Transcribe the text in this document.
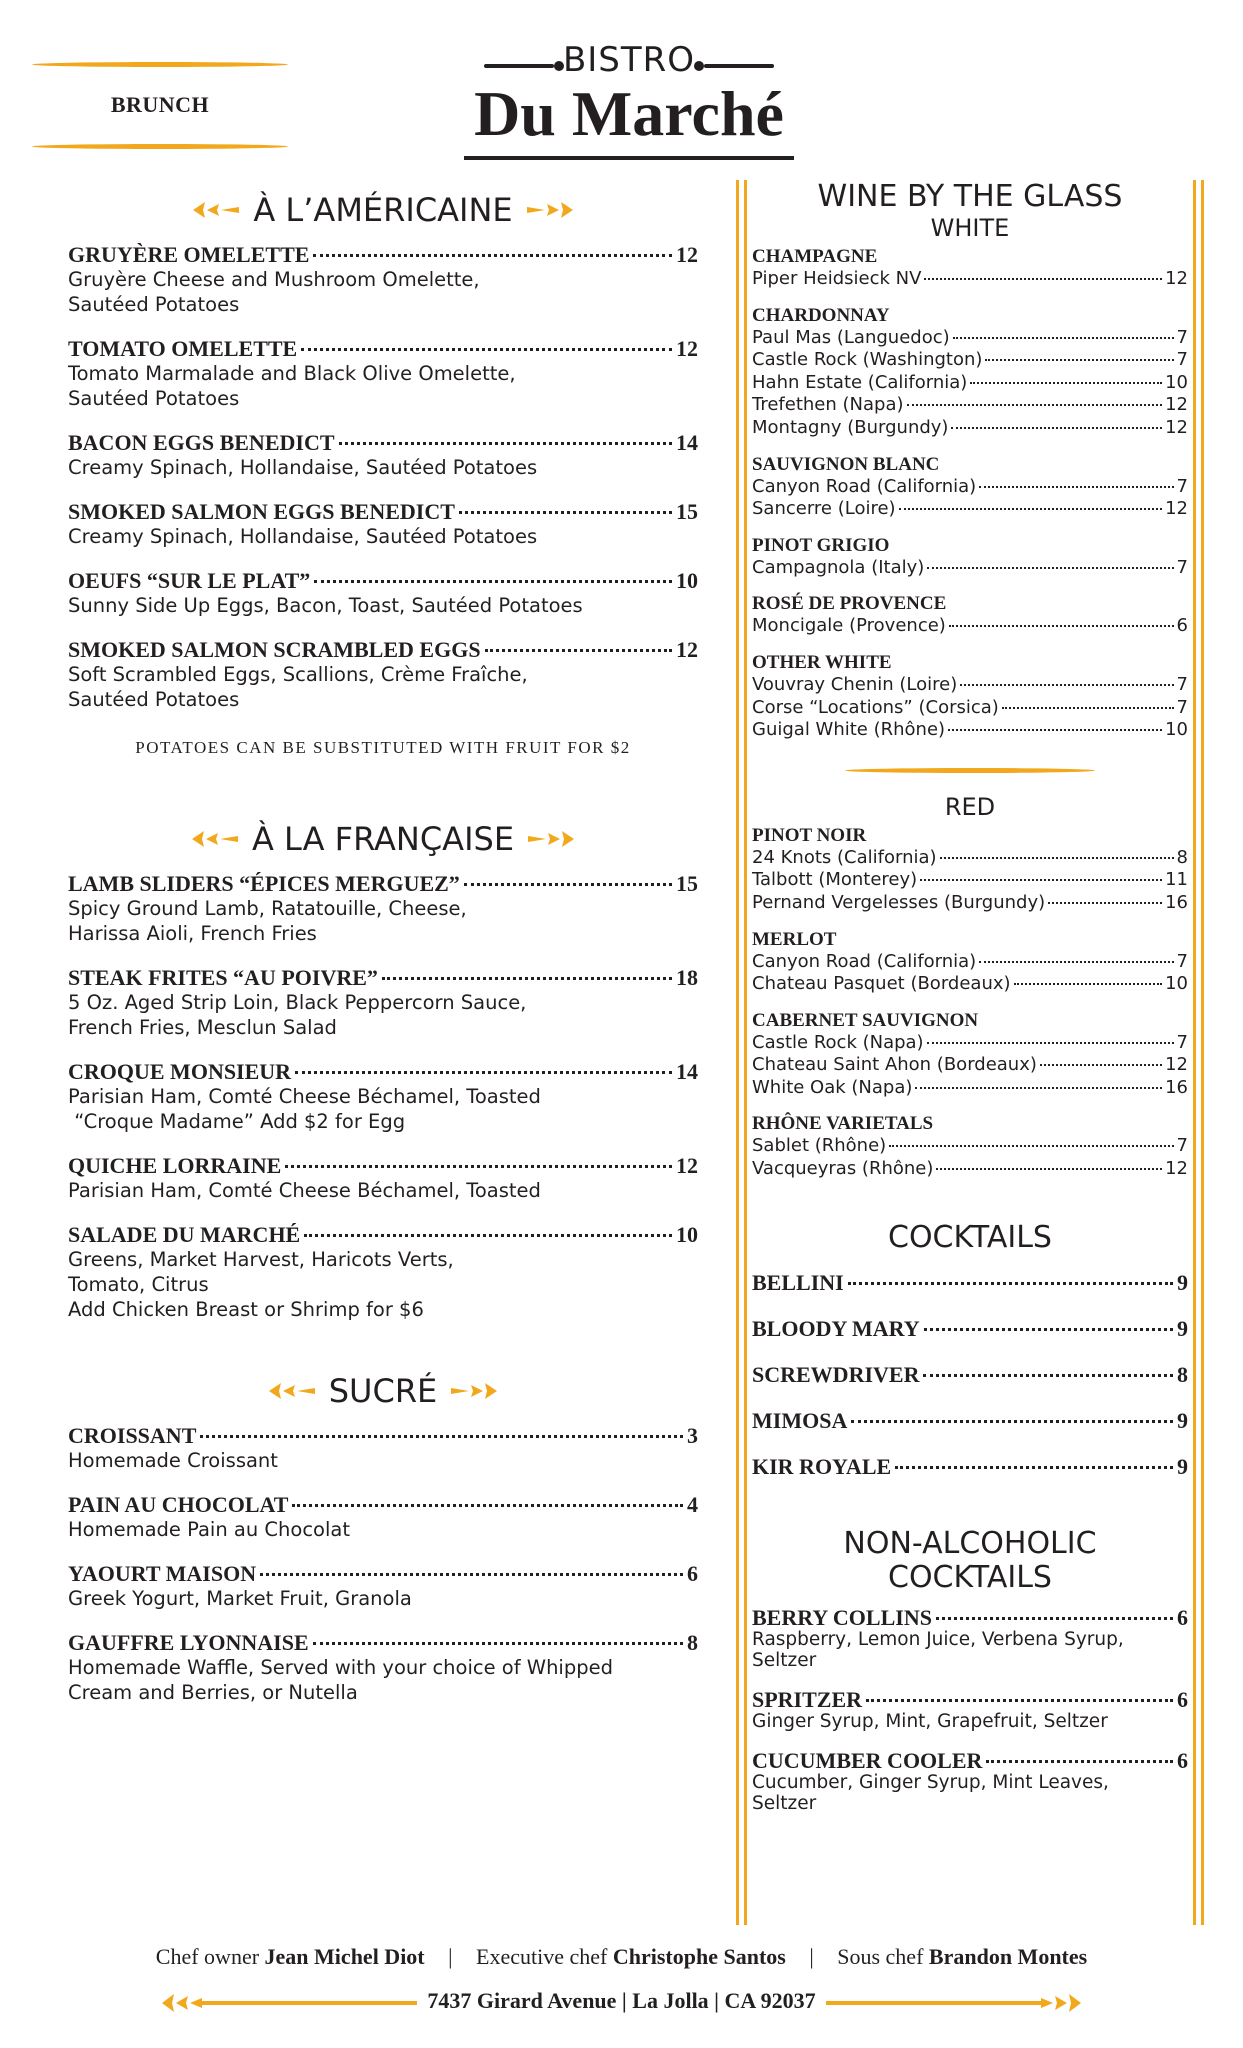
BRUNCH
BISTRO
Du Marché
À L’AMÉRICAINE
GRUYÈRE OMELETTE	12
Gruyère Cheese and Mushroom Omelette,
Sautéed Potatoes
TOMATO OMELETTE	12
Tomato Marmalade and Black Olive Omelette,
Sautéed Potatoes
BACON EGGS BENEDICT	14
Creamy Spinach, Hollandaise, Sautéed Potatoes
SMOKED SALMON EGGS BENEDICT	15
Creamy Spinach, Hollandaise, Sautéed Potatoes
OEUFS “SUR LE PLAT”	10
Sunny Side Up Eggs, Bacon, Toast, Sautéed Potatoes
SMOKED SALMON SCRAMBLED EGGS	12
Soft Scrambled Eggs, Scallions, Crème Fraîche,
Sautéed Potatoes
POTATOES CAN BE SUBSTITUTED WITH FRUIT FOR $2
À LA FRANÇAISE
LAMB SLIDERS “ÉPICES MERGUEZ”	15
Spicy Ground Lamb, Ratatouille, Cheese,
Harissa Aioli, French Fries
STEAK FRITES “AU POIVRE”	18
5 Oz. Aged Strip Loin, Black Peppercorn Sauce,
French Fries, Mesclun Salad
CROQUE MONSIEUR	14
Parisian Ham, Comté Cheese Béchamel, Toasted
“Croque Madame” Add $2 for Egg
QUICHE LORRAINE	12
Parisian Ham, Comté Cheese Béchamel, Toasted
SALADE DU MARCHÉ	10
Greens, Market Harvest, Haricots Verts,
Tomato, Citrus
Add Chicken Breast or Shrimp for $6
SUCRÉ
CROISSANT	3
Homemade Croissant
PAIN AU CHOCOLAT	4
Homemade Pain au Chocolat
YAOURT MAISON	6
Greek Yogurt, Market Fruit, Granola
GAUFFRE LYONNAISE	8
Homemade Waffle, Served with your choice of Whipped
Cream and Berries, or Nutella
WINE BY THE GLASS
WHITE
CHAMPAGNE
Piper Heidsieck NV	12
CHARDONNAY
Paul Mas (Languedoc)	7
Castle Rock (Washington)	7
Hahn Estate (California)	10
Trefethen (Napa)	12
Montagny (Burgundy)	12
SAUVIGNON BLANC
Canyon Road (California)	7
Sancerre (Loire)	12
PINOT GRIGIO
Campagnola (Italy)	7
ROSÉ DE PROVENCE
Moncigale (Provence)	6
OTHER WHITE
Vouvray Chenin (Loire)	7
Corse “Locations” (Corsica)	7
Guigal White (Rhône)	10
RED
PINOT NOIR
24 Knots (California)	8
Talbott (Monterey)	11
Pernand Vergelesses (Burgundy)	16
MERLOT
Canyon Road (California)	7
Chateau Pasquet (Bordeaux)	10
CABERNET SAUVIGNON
Castle Rock (Napa)	7
Chateau Saint Ahon (Bordeaux)	12
White Oak (Napa)	16
RHÔNE VARIETALS
Sablet (Rhône)	7
Vacqueyras (Rhône)	12
COCKTAILS
BELLINI	9
BLOODY MARY	9
SCREWDRIVER	8
MIMOSA	9
KIR ROYALE	9
NON-ALCOHOLIC
COCKTAILS
BERRY COLLINS	6
Raspberry, Lemon Juice, Verbena Syrup,
Seltzer
SPRITZER	6
Ginger Syrup, Mint, Grapefruit, Seltzer
CUCUMBER COOLER	6
Cucumber, Ginger Syrup, Mint Leaves,
Seltzer
Chef owner Jean Michel Diot | Executive chef Christophe Santos | Sous chef Brandon Montes
7437 Girard Avenue | La Jolla | CA 92037
